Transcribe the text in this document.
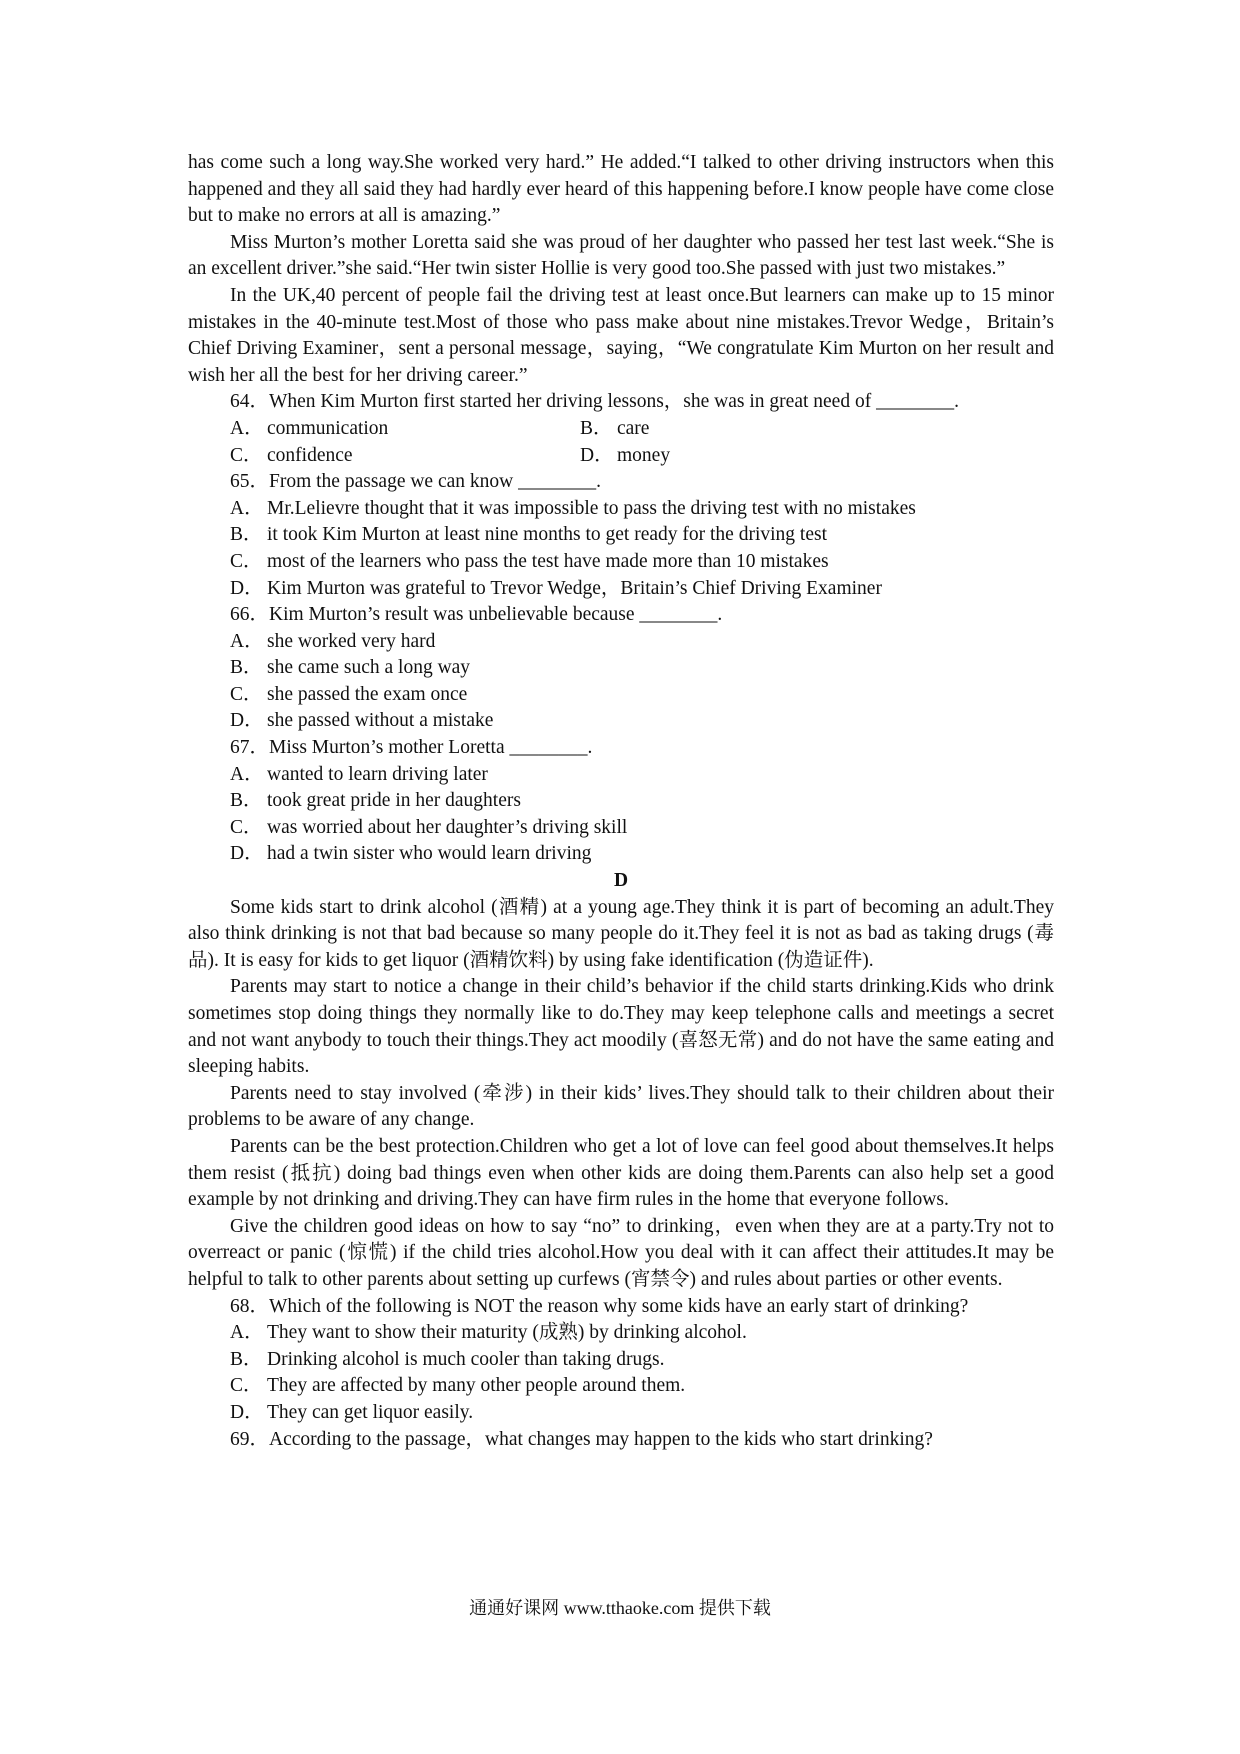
has come such a long way.She worked very hard.” He added.“I talked to other driving instructors when this happened and they all said they had hardly ever heard of this happening before.I know people have come close but to make no errors at all is amazing.”

Miss Murton’s mother Loretta said she was proud of her daughter who passed her test last week.“She is an excellent driver.”she said.“Her twin sister Hollie is very good too.She passed with just two mistakes.”

In the UK,40 percent of people fail the driving test at least once.But learners can make up to 15 minor mistakes in the 40-minute test.Most of those who pass make about nine mistakes.Trevor Wedge，Britain’s Chief Driving Examiner，sent a personal message，saying，“We congratulate Kim Murton on her result and wish her all the best for her driving career.”

64．When Kim Murton first started her driving lessons，she was in great need of ________.

A． communication	B． care
C． confidence	D． money

65．From the passage we can know ________.

A． Mr.Lelievre thought that it was impossible to pass the driving test with no mistakes
B． it took Kim Murton at least nine months to get ready for the driving test
C． most of the learners who pass the test have made more than 10 mistakes
D． Kim Murton was grateful to Trevor Wedge，Britain’s Chief Driving Examiner

66．Kim Murton’s result was unbelievable because ________.

A． she worked very hard
B． she came such a long way
C． she passed the exam once
D． she passed without a mistake

67．Miss Murton’s mother Loretta ________.

A． wanted to learn driving later
B． took great pride in her daughters
C． was worried about her daughter’s driving skill
D． had a twin sister who would learn driving

D

Some kids start to drink alcohol (酒精) at a young age.They think it is part of becoming an adult.They also think drinking is not that bad because so many people do it.They feel it is not as bad as taking drugs (毒品). It is easy for kids to get liquor (酒精饮料) by using fake identification (伪造证件).

Parents may start to notice a change in their child’s behavior if the child starts drinking.Kids who drink sometimes stop doing things they normally like to do.They may keep telephone calls and meetings a secret and not want anybody to touch their things.They act moodily (喜怒无常) and do not have the same eating and sleeping habits.

Parents need to stay involved (牵涉) in their kids’ lives.They should talk to their children about their problems to be aware of any change.

Parents can be the best protection.Children who get a lot of love can feel good about themselves.It helps them resist (抵抗) doing bad things even when other kids are doing them.Parents can also help set a good example by not drinking and driving.They can have firm rules in the home that everyone follows.

Give the children good ideas on how to say “no” to drinking，even when they are at a party.Try not to overreact or panic (惊慌) if the child tries alcohol.How you deal with it can affect their attitudes.It may be helpful to talk to other parents about setting up curfews (宵禁令) and rules about parties or other events.

68．Which of the following is NOT the reason why some kids have an early start of drinking?

A． They want to show their maturity (成熟) by drinking alcohol.
B． Drinking alcohol is much cooler than taking drugs.
C． They are affected by many other people around them.
D． They can get liquor easily.

69．According to the passage，what changes may happen to the kids who start drinking?

通通好课网 www.tthaoke.com 提供下载
